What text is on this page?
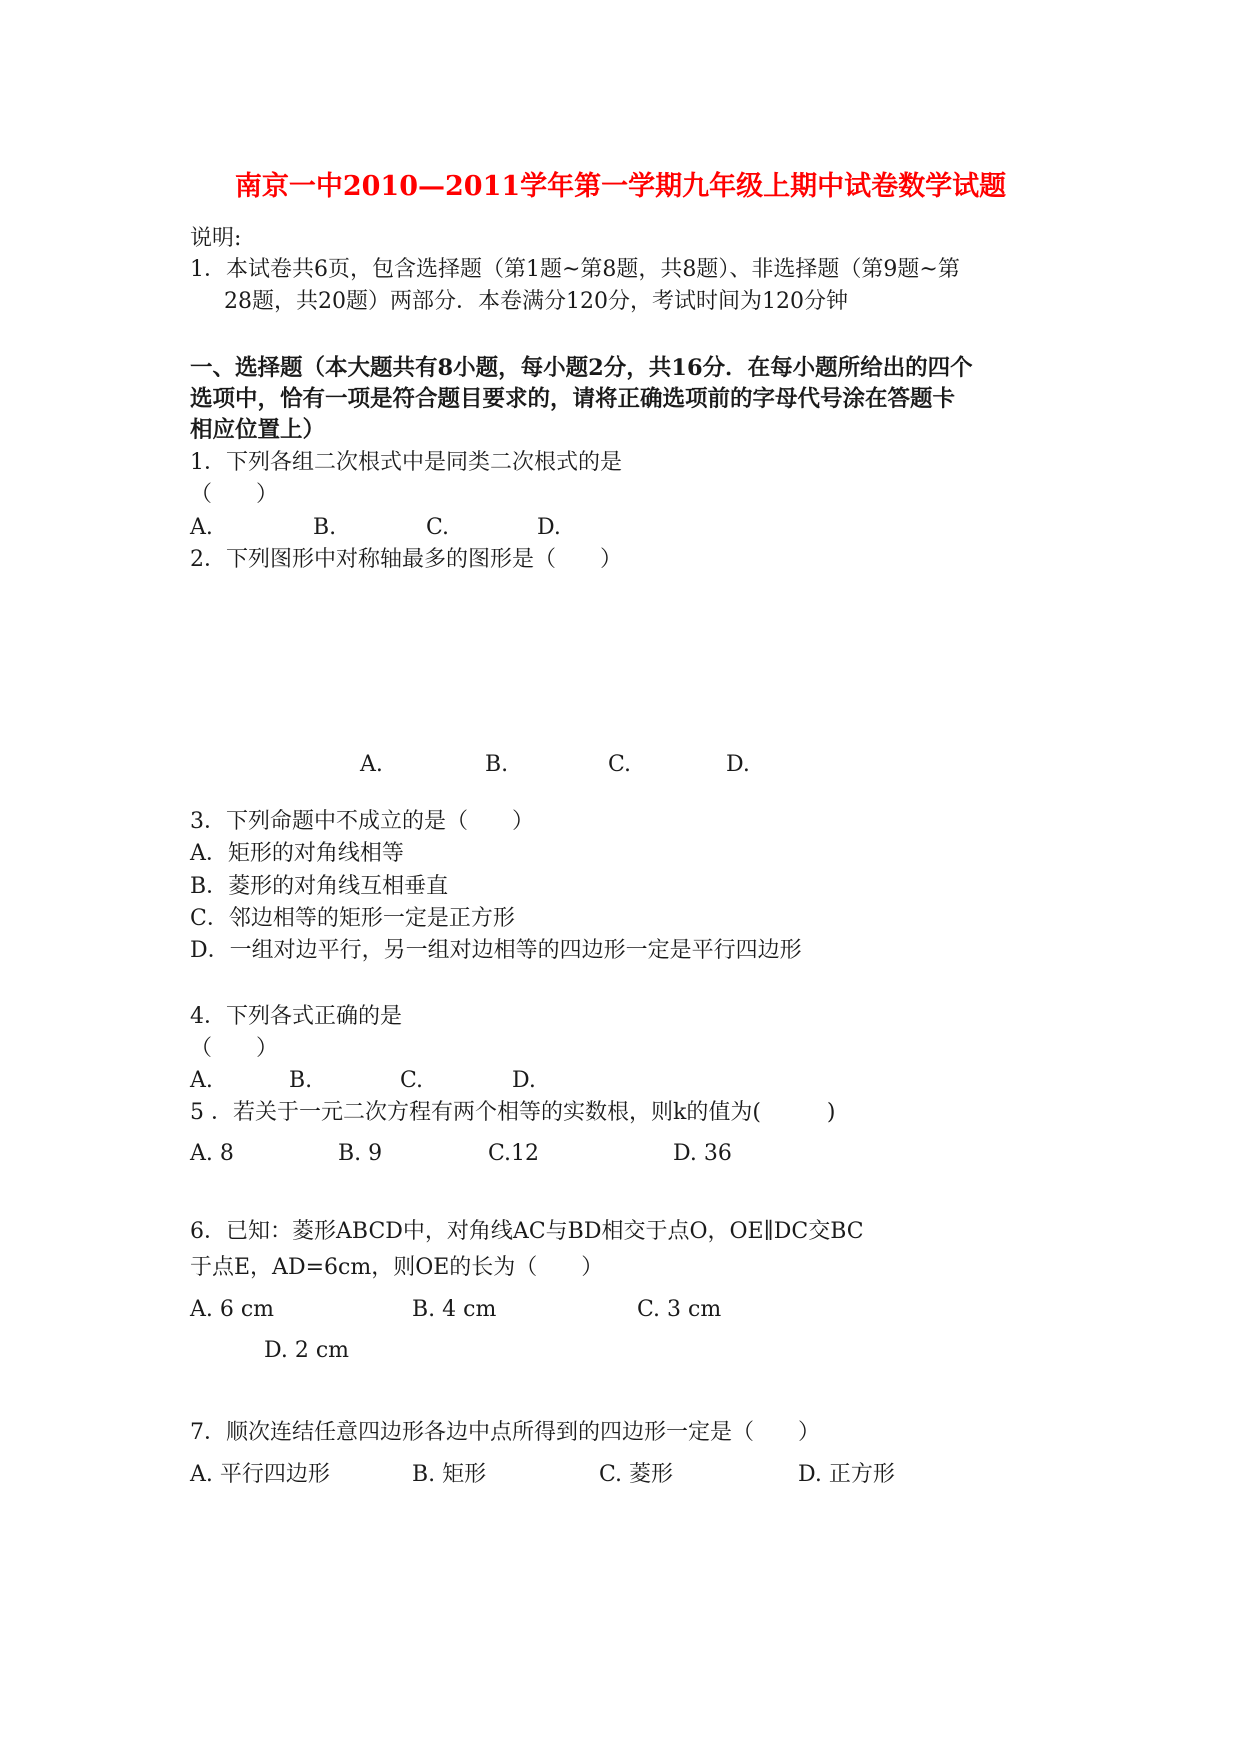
南京一中2010—2011学年第一学期九年级上期中试卷数学试题
说明:
1．本试卷共6页，包含选择题（第1题~第8题，共8题）、非选择题（第9题~第
28题，共20题）两部分．本卷满分120分，考试时间为120分钟
一、选择题（本大题共有8小题，每小题2分，共16分．在每小题所给出的四个
选项中，恰有一项是符合题目要求的，请将正确选项前的字母代号涂在答题卡
相应位置上）
1．下列各组二次根式中是同类二次根式的是
（　　）
A.	B.	C.	D.
2．下列图形中对称轴最多的图形是（　　）
A.	B.	C.	D.
3．下列命题中不成立的是（　　）
A．矩形的对角线相等
B．菱形的对角线互相垂直
C．邻边相等的矩形一定是正方形
D．一组对边平行，另一组对边相等的四边形一定是平行四边形
4．下列各式正确的是
（　　）
A.	B.	C.	D.
5 ．若关于一元二次方程有两个相等的实数根，则k的值为(　　　)
A. 8	B. 9	C.12	D. 36
6．已知：菱形ABCD中，对角线AC与BD相交于点O，OE∥DC交BC
于点E，AD=6cm，则OE的长为（　　）
A. 6 cm	B. 4 cm	C. 3 cm
D. 2 cm
7．顺次连结任意四边形各边中点所得到的四边形一定是（　　）
A. 平行四边形	B. 矩形	C. 菱形	D. 正方形
